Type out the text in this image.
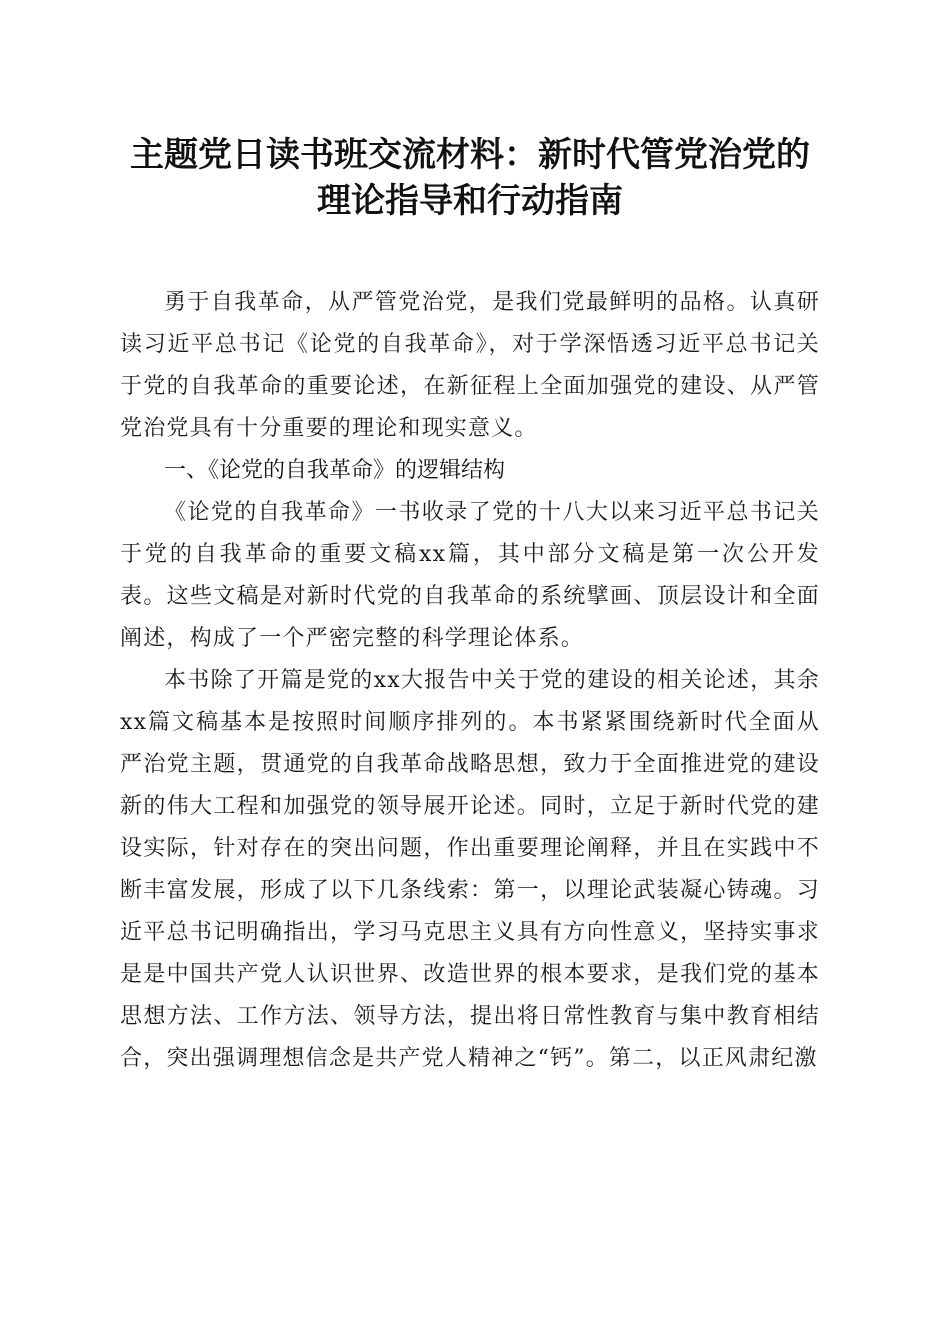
主题党日读书班交流材料：新时代管党治党的
理论指导和行动指南

勇于自我革命，从严管党治党，是我们党最鲜明的品格。认真研读习近平总书记《论党的自我革命》，对于学深悟透习近平总书记关于党的自我革命的重要论述，在新征程上全面加强党的建设、从严管党治党具有十分重要的理论和现实意义。

一、《论党的自我革命》的逻辑结构

《论党的自我革命》一书收录了党的十八大以来习近平总书记关于党的自我革命的重要文稿xx篇，其中部分文稿是第一次公开发表。这些文稿是对新时代党的自我革命的系统擘画、顶层设计和全面阐述，构成了一个严密完整的科学理论体系。

本书除了开篇是党的xx大报告中关于党的建设的相关论述，其余xx篇文稿基本是按照时间顺序排列的。本书紧紧围绕新时代全面从严治党主题，贯通党的自我革命战略思想，致力于全面推进党的建设新的伟大工程和加强党的领导展开论述。同时，立足于新时代党的建设实际，针对存在的突出问题，作出重要理论阐释，并且在实践中不断丰富发展，形成了以下几条线索：第一，以理论武装凝心铸魂。习近平总书记明确指出，学习马克思主义具有方向性意义，坚持实事求是是中国共产党人认识世界、改造世界的根本要求，是我们党的基本思想方法、工作方法、领导方法，提出将日常性教育与集中教育相结合，突出强调理想信念是共产党人精神之“钙”。第二，以正风肃纪激
